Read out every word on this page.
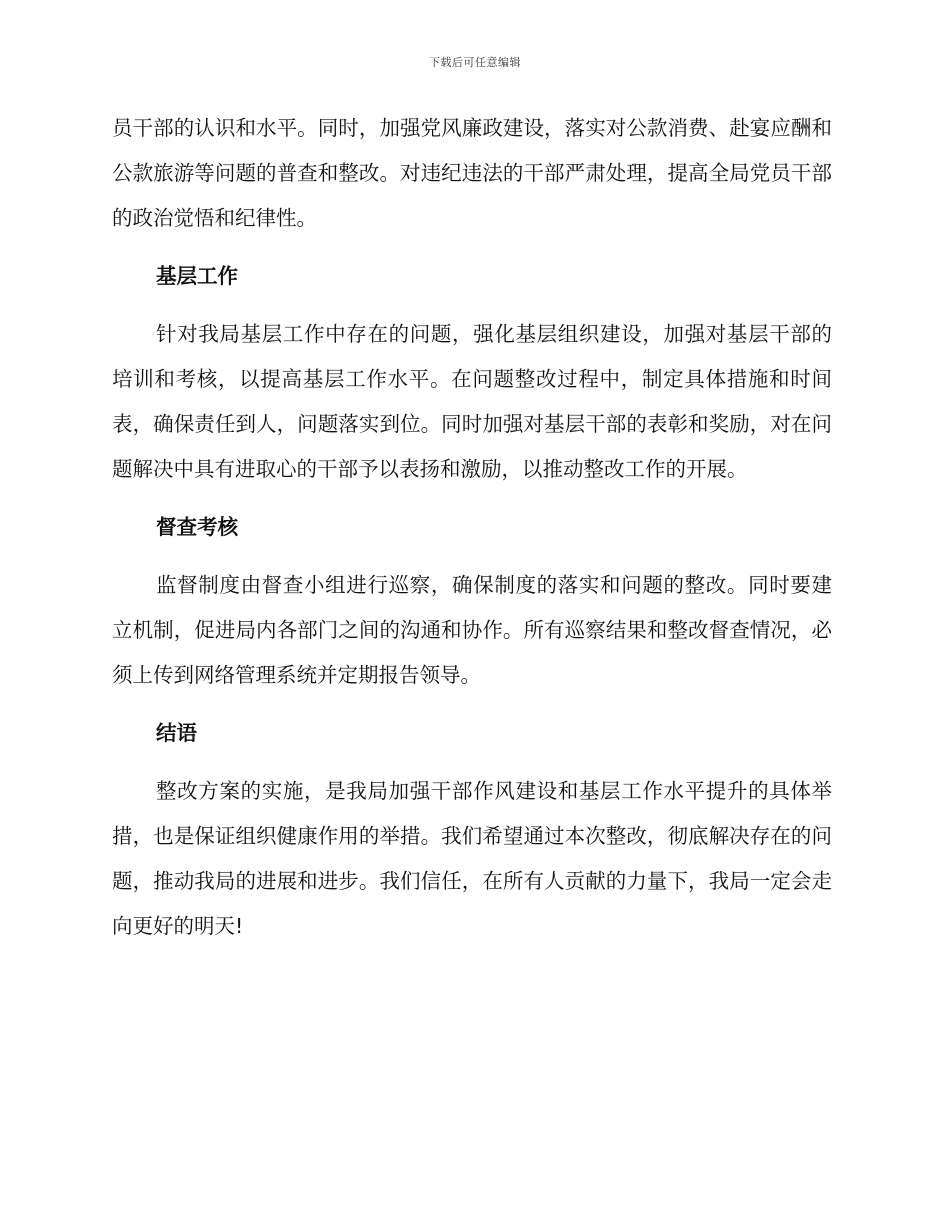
下载后可任意编辑

员干部的认识和水平。同时，加强党风廉政建设，落实对公款消费、赴宴应酬和公款旅游等问题的普查和整改。对违纪违法的干部严肃处理，提高全局党员干部的政治觉悟和纪律性。

基层工作

针对我局基层工作中存在的问题，强化基层组织建设，加强对基层干部的培训和考核，以提高基层工作水平。在问题整改过程中，制定具体措施和时间表，确保责任到人，问题落实到位。同时加强对基层干部的表彰和奖励，对在问题解决中具有进取心的干部予以表扬和激励，以推动整改工作的开展。

督查考核

监督制度由督查小组进行巡察，确保制度的落实和问题的整改。同时要建立机制，促进局内各部门之间的沟通和协作。所有巡察结果和整改督查情况，必须上传到网络管理系统并定期报告领导。

结语

整改方案的实施，是我局加强干部作风建设和基层工作水平提升的具体举措，也是保证组织健康作用的举措。我们希望通过本次整改，彻底解决存在的问题，推动我局的进展和进步。我们信任，在所有人贡献的力量下，我局一定会走向更好的明天!
